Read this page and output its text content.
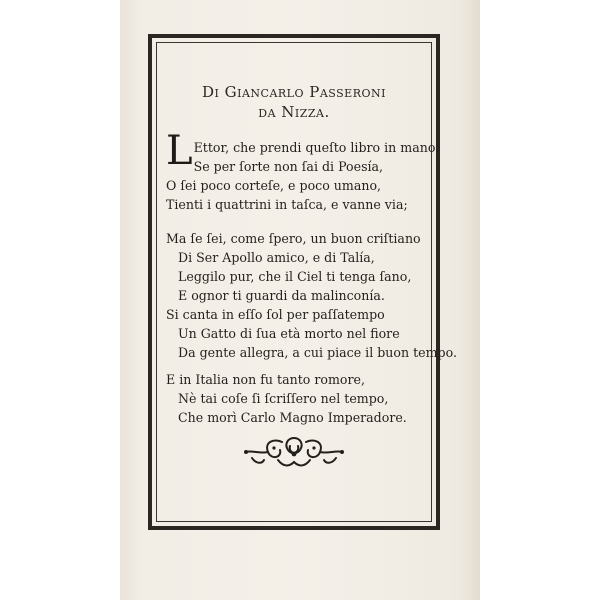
Di Giancarlo Passeroni
da Nizza.
L Ettor, che prendi queſto libro in mano,
Se per ſorte non ſai di Poesía,
O ſei poco corteſe, e poco umano,
Tienti i quattrini in taſca, e vanne via;
Ma ſe ſei, come ſpero, un buon criſtiano
Di Ser Apollo amico, e di Talía,
Leggilo pur, che il Ciel ti tenga ſano,
E ognor ti guardi da malinconía.
Si canta in eſſo ſol per paſſatempo
Un Gatto di ſua età morto nel fiore
Da gente allegra, a cui piace il buon tempo.
E in Italia non fu tanto romore,
Nè tai coſe ſi ſcriſſero nel tempo,
Che morì Carlo Magno Imperadore.
